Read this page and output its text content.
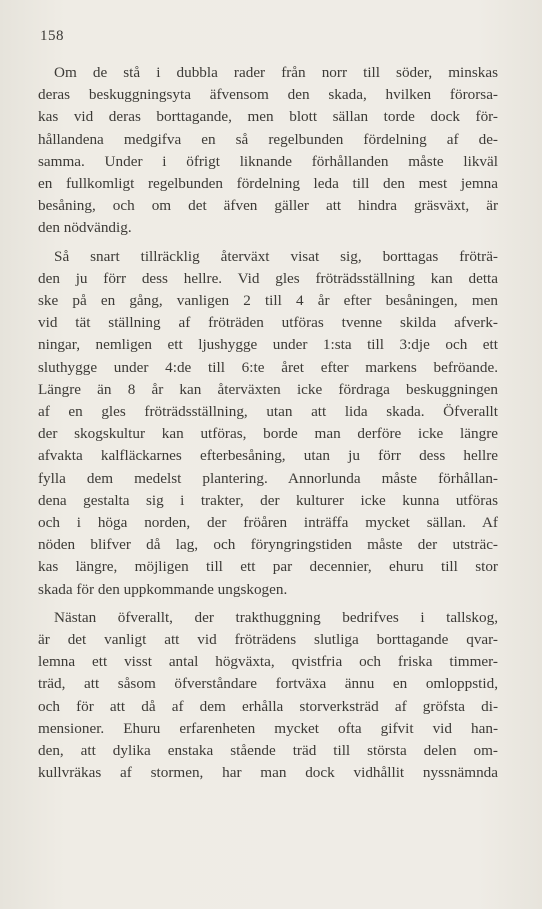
158
Om de stå i dubbla rader från norr till söder, minskas
deras beskuggningsyta äfvensom den skada, hvilken förorsa-
kas vid deras borttagande, men blott sällan torde dock för-
hållandena medgifva en så regelbunden fördelning af de-
samma. Under i öfrigt liknande förhållanden måste likväl
en fullkomligt regelbunden fördelning leda till den mest jemna
besåning, och om det äfven gäller att hindra gräsväxt, är
den nödvändig.
Så snart tillräcklig återväxt visat sig, borttagas fröträ-
den ju förr dess hellre. Vid gles fröträdsställning kan detta
ske på en gång, vanligen 2 till 4 år efter besåningen, men
vid tät ställning af fröträden utföras tvenne skilda afverk-
ningar, nemligen ett ljushygge under 1:sta till 3:dje och ett
sluthygge under 4:de till 6:te året efter markens befröande.
Längre än 8 år kan återväxten icke fördraga beskuggningen
af en gles fröträdsställning, utan att lida skada. Öfverallt
der skogskultur kan utföras, borde man derföre icke längre
afvakta kalfläckarnes efterbesåning, utan ju förr dess hellre
fylla dem medelst plantering. Annorlunda måste förhållan-
dena gestalta sig i trakter, der kulturer icke kunna utföras
och i höga norden, der fröåren inträffa mycket sällan. Af
nöden blifver då lag, och föryngringstiden måste der utsträc-
kas längre, möjligen till ett par decennier, ehuru till stor
skada för den uppkommande ungskogen.
Nästan öfverallt, der trakthuggning bedrifves i tallskog,
är det vanligt att vid fröträdens slutliga borttagande qvar-
lemna ett visst antal högväxta, qvistfria och friska timmer-
träd, att såsom öfverståndare fortväxa ännu en omloppstid,
och för att då af dem erhålla storverksträd af gröfsta di-
mensioner. Ehuru erfarenheten mycket ofta gifvit vid han-
den, att dylika enstaka stående träd till största delen om-
kullvräkas af stormen, har man dock vidhållit nyssnämnda
